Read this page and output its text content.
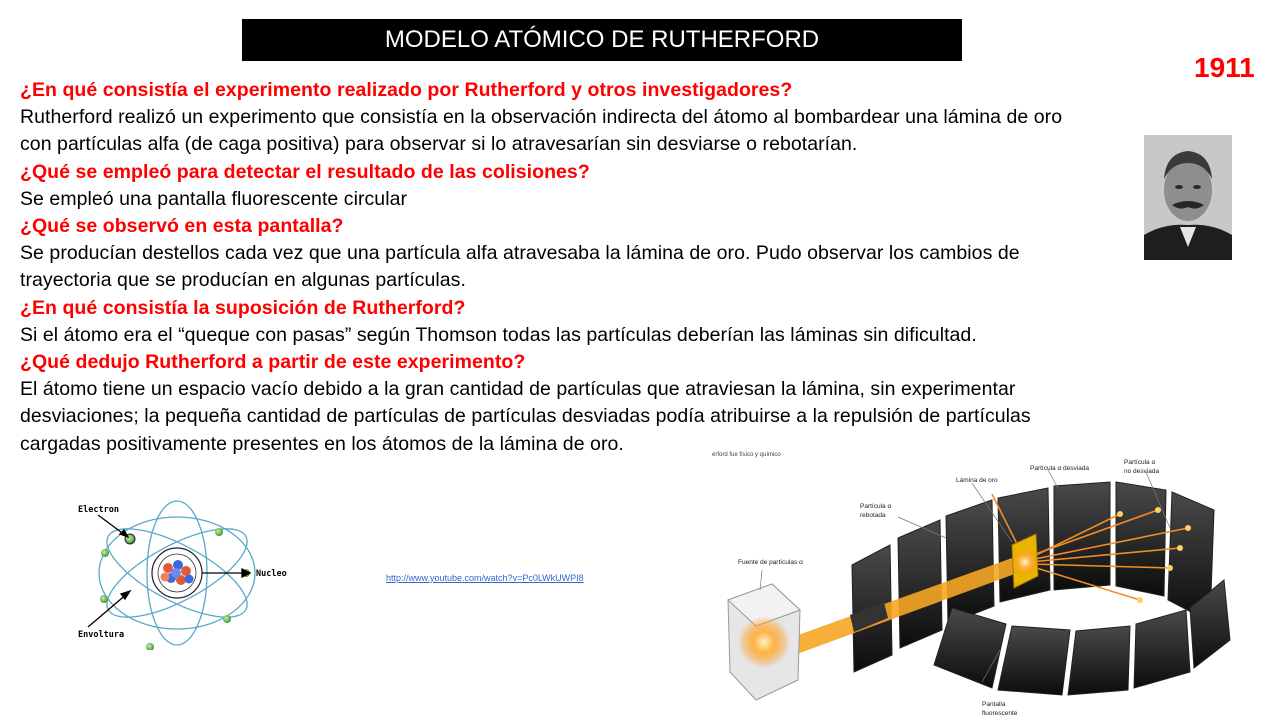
MODELO ATÓMICO DE RUTHERFORD
1911
¿En qué consistía el experimento realizado por Rutherford y otros investigadores?
Rutherford realizó un experimento que consistía en la observación indirecta del átomo al bombardear una lámina de oro
con partículas alfa (de caga positiva) para observar si lo atravesarían sin desviarse o rebotarían.
¿Qué se empleó para detectar el resultado de las colisiones?
Se empleó una pantalla fluorescente circular
¿Qué se observó en esta pantalla?
Se producían destellos cada vez que una partícula alfa atravesaba la lámina de oro. Pudo observar los cambios de
trayectoria que se producían en algunas partículas.
¿En qué consistía la suposición de Rutherford?
Si el átomo era el “queque con pasas” según Thomson todas las partículas deberían las láminas sin dificultad.
¿Qué dedujo Rutherford a partir de este experimento?
El átomo tiene un espacio vacío debido a la gran cantidad de partículas que atraviesan la lámina, sin experimentar
desviaciones; la pequeña cantidad de partículas de partículas desviadas podía atribuirse a la repulsión de partículas
cargadas positivamente presentes en los átomos de la lámina de oro.
Electron
Nucleo
Envoltura
http://www.youtube.com/watch?v=Pc0LWkUWPI8
erford fue físico y químico
Fuente de partículas α
Lámina de oro
Partícula α
rebotada
Partícula α desviada
Partícula α
no desviada
Pantalla
fluorescente
